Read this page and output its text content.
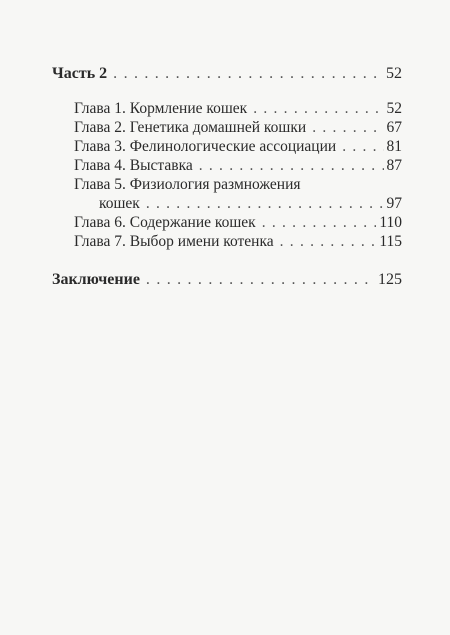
Часть 2 . . .	52
Глава 1. Кормление кошек . . .	52
Глава 2. Генетика домашней кошки . . .	67
Глава 3. Фелинологические ассоциации . . .	81
Глава 4. Выставка . . .	87
Глава 5. Физиология размножения
кошек . . .	97
Глава 6. Содержание кошек . . .	110
Глава 7. Выбор имени котенка . . .	115
Заключение . . .	125
